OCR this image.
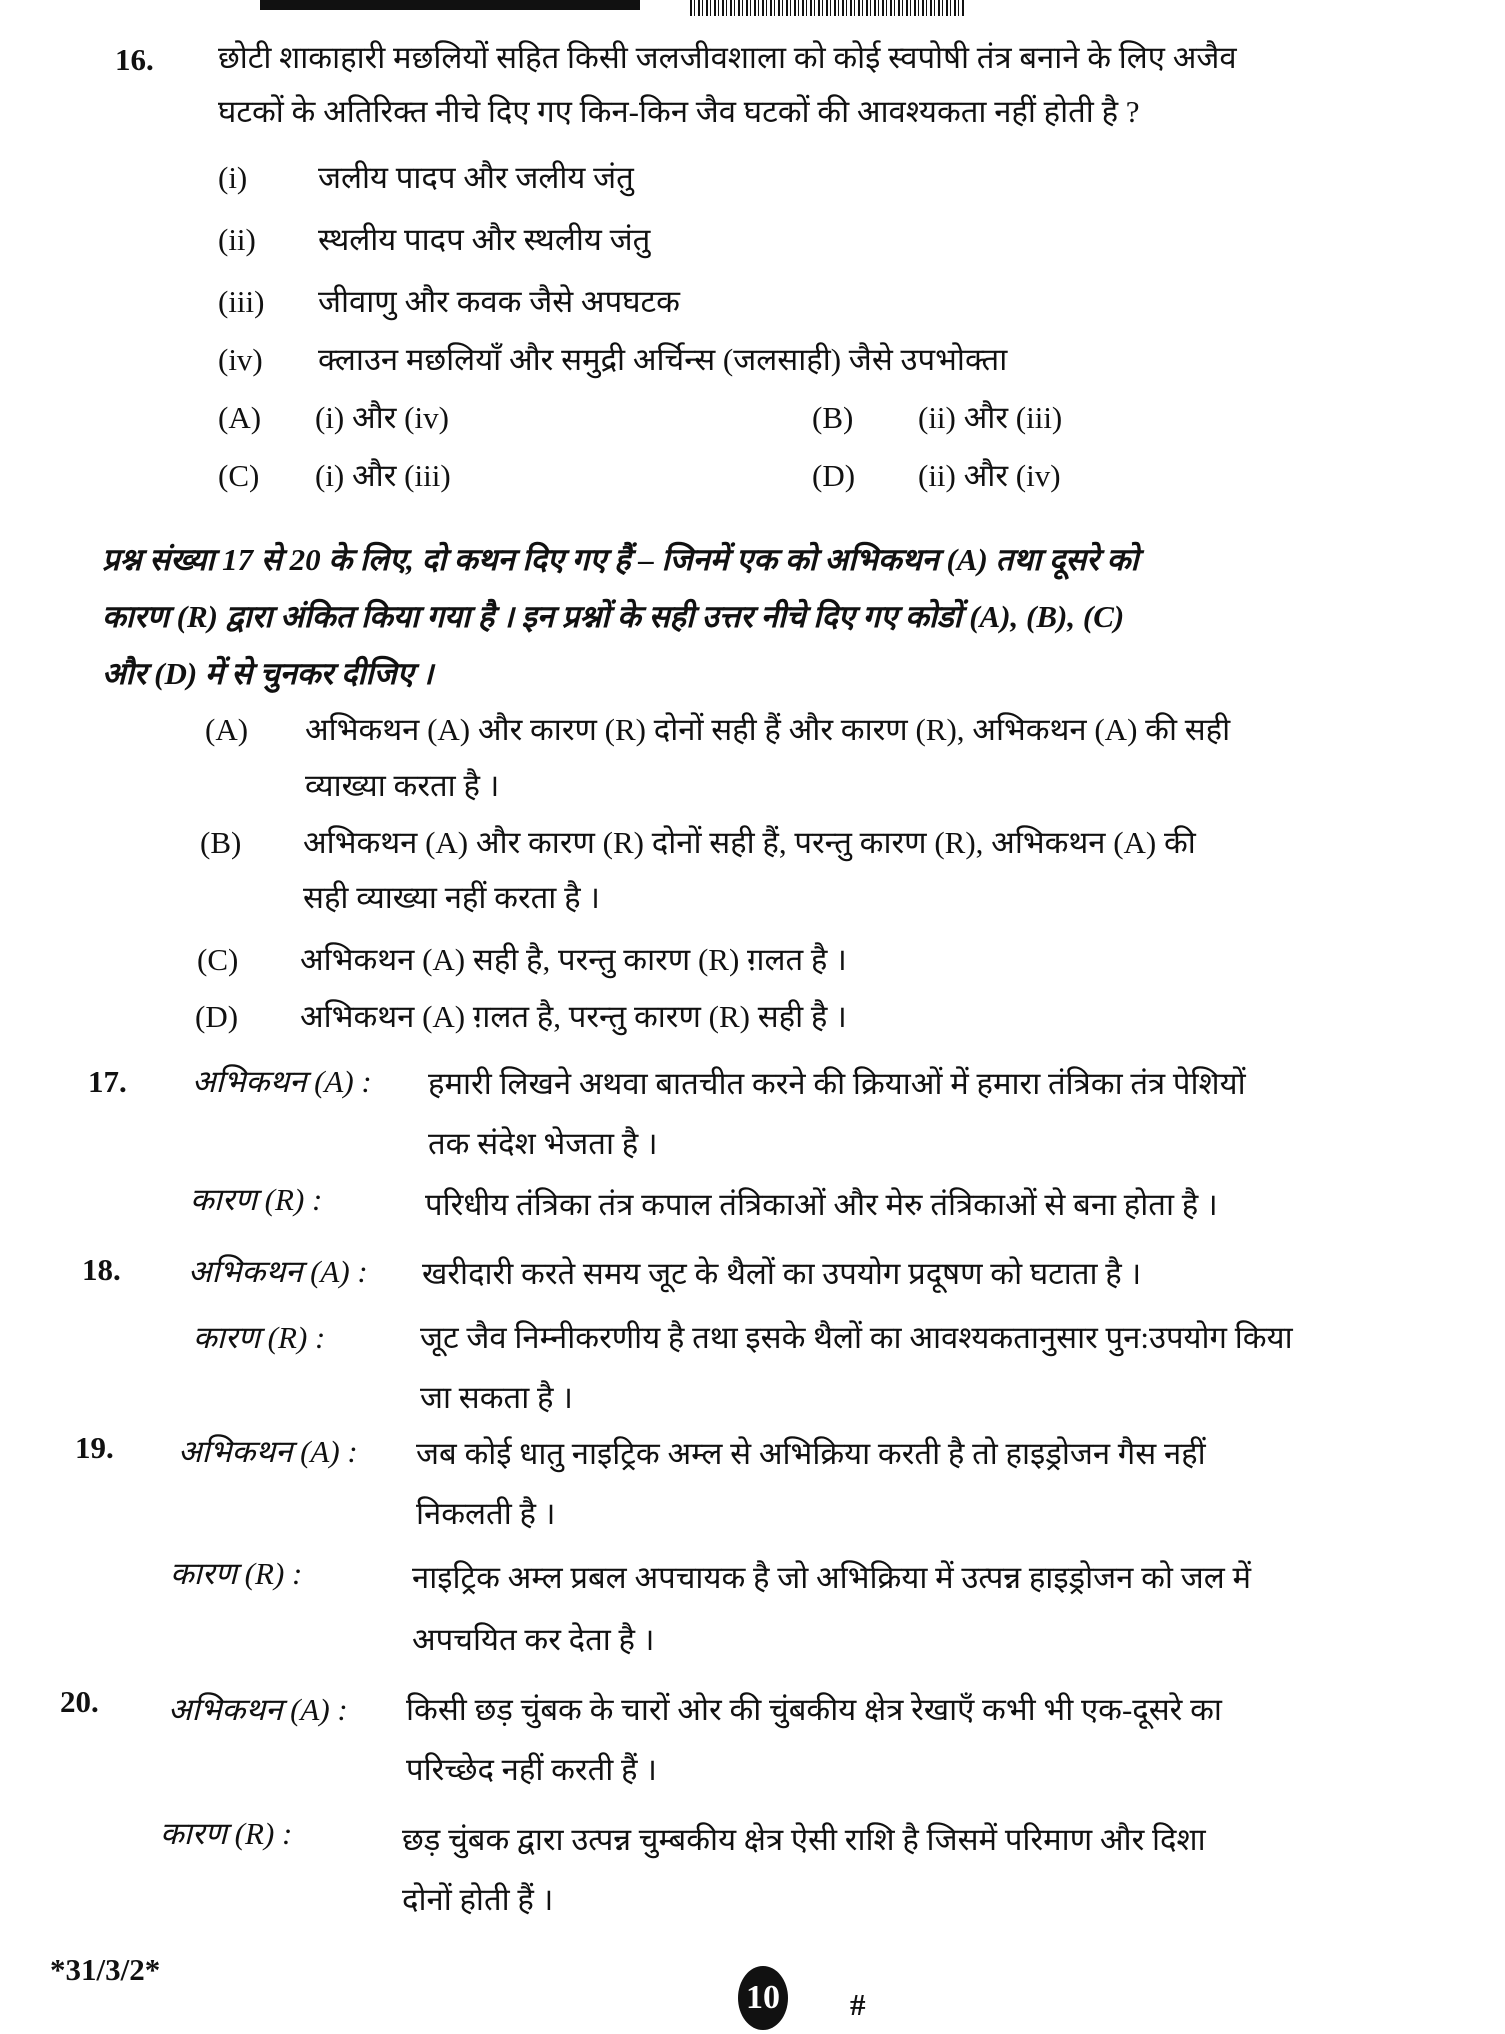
16. छोटी शाकाहारी मछलियों सहित किसी जलजीवशाला को कोई स्वपोषी तंत्र बनाने के लिए अजैव
घटकों के अतिरिक्त नीचे दिए गए किन-किन जैव घटकों की आवश्यकता नहीं होती है ?
(i) जलीय पादप और जलीय जंतु
(ii) स्थलीय पादप और स्थलीय जंतु
(iii) जीवाणु और कवक जैसे अपघटक
(iv) क्लाउन मछलियाँ और समुद्री अर्चिन्स (जलसाही) जैसे उपभोक्ता
(A) (i) और (iv)	(B) (ii) और (iii)
(C) (i) और (iii)	(D) (ii) और (iv)
प्रश्न संख्या 17 से 20 के लिए, दो कथन दिए गए हैं – जिनमें एक को अभिकथन (A) तथा दूसरे को
कारण (R) द्वारा अंकित किया गया है । इन प्रश्नों के सही उत्तर नीचे दिए गए कोडों (A), (B), (C)
और (D) में से चुनकर दीजिए ।
(A) अभिकथन (A) और कारण (R) दोनों सही हैं और कारण (R), अभिकथन (A) की सही
व्याख्या करता है ।
(B) अभिकथन (A) और कारण (R) दोनों सही हैं, परन्तु कारण (R), अभिकथन (A) की
सही व्याख्या नहीं करता है ।
(C) अभिकथन (A) सही है, परन्तु कारण (R) ग़लत है ।
(D) अभिकथन (A) ग़लत है, परन्तु कारण (R) सही है ।
17. अभिकथन (A) : हमारी लिखने अथवा बातचीत करने की क्रियाओं में हमारा तंत्रिका तंत्र पेशियों
तक संदेश भेजता है ।
कारण (R) :	परिधीय तंत्रिका तंत्र कपाल तंत्रिकाओं और मेरु तंत्रिकाओं से बना होता है ।
18. अभिकथन (A) : खरीदारी करते समय जूट के थैलों का उपयोग प्रदूषण को घटाता है ।
कारण (R) :	जूट जैव निम्नीकरणीय है तथा इसके थैलों का आवश्यकतानुसार पुन:उपयोग किया
जा सकता है ।
19. अभिकथन (A) : जब कोई धातु नाइट्रिक अम्ल से अभिक्रिया करती है तो हाइड्रोजन गैस नहीं
निकलती है ।
कारण (R) :	नाइट्रिक अम्ल प्रबल अपचायक है जो अभिक्रिया में उत्पन्न हाइड्रोजन को जल में
अपचयित कर देता है ।
20. अभिकथन (A) : किसी छड़ चुंबक के चारों ओर की चुंबकीय क्षेत्र रेखाएँ कभी भी एक-दूसरे का
परिच्छेद नहीं करती हैं ।
कारण (R) :	छड़ चुंबक द्वारा उत्पन्न चुम्बकीय क्षेत्र ऐसी राशि है जिसमें परिमाण और दिशा
दोनों होती हैं ।
*31/3/2*
10 #
